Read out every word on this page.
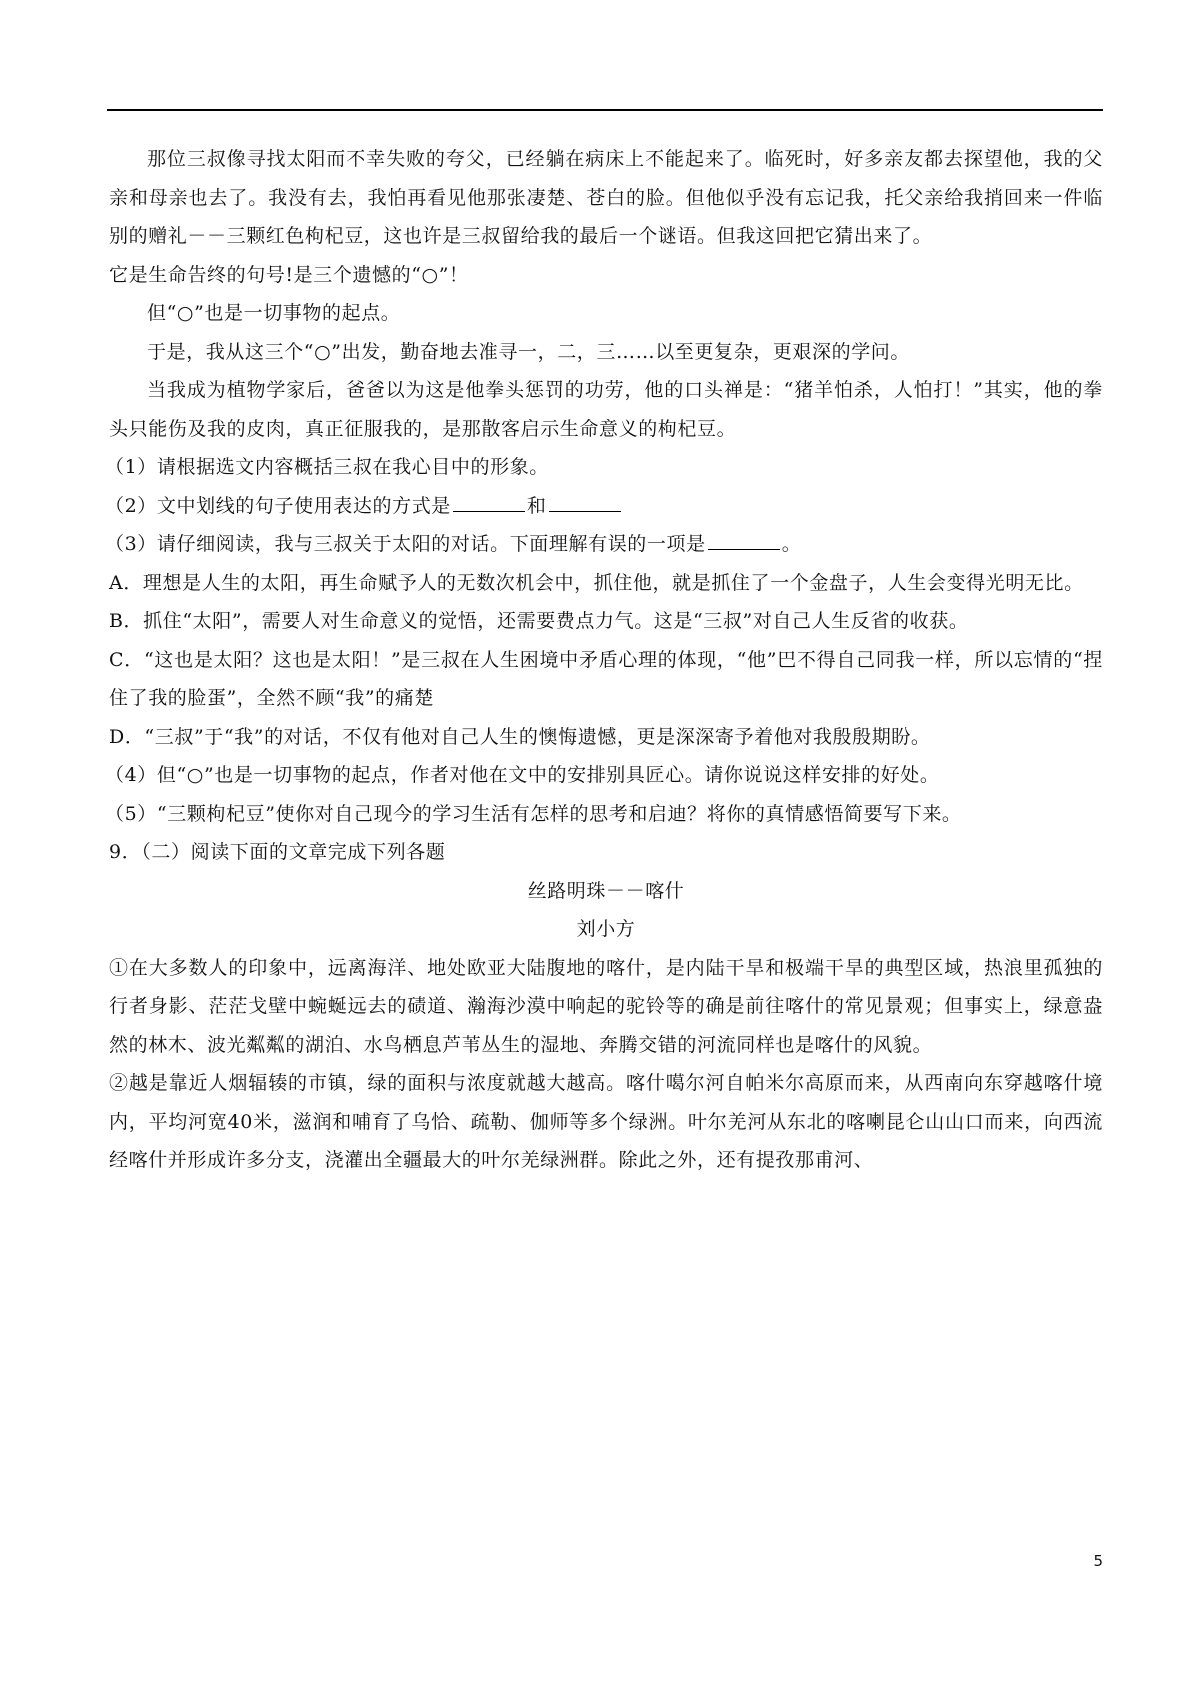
那位三叔像寻找太阳而不幸失败的夸父，已经躺在病床上不能起来了。临死时，好多亲友都去探望他，我的父亲和母亲也去了。我没有去，我怕再看见他那张凄楚、苍白的脸。但他似乎没有忘记我，托父亲给我捎回来一件临别的赠礼－－三颗红色枸杞豆，这也许是三叔留给我的最后一个谜语。但我这回把它猜出来了。

它是生命告终的句号!是三个遗憾的“○”！

但“○”也是一切事物的起点。

于是，我从这三个“○”出发，勤奋地去准寻一，二，三……以至更复杂，更艰深的学问。

当我成为植物学家后，爸爸以为这是他拳头惩罚的功劳，他的口头禅是：“猪羊怕杀，人怕打！”其实，他的拳头只能伤及我的皮肉，真正征服我的，是那散客启示生命意义的枸杞豆。

（1）请根据选文内容概括三叔在我心目中的形象。

（2）文中划线的句子使用表达的方式是	和

（3）请仔细阅读，我与三叔关于太阳的对话。下面理解有误的一项是	。

A．理想是人生的太阳，再生命赋予人的无数次机会中，抓住他，就是抓住了一个金盘子，人生会变得光明无比。

B．抓住“太阳”，需要人对生命意义的觉悟，还需要费点力气。这是“三叔”对自己人生反省的收获。

C．“这也是太阳？这也是太阳！”是三叔在人生困境中矛盾心理的体现，“他”巴不得自己同我一样，所以忘情的“捏住了我的脸蛋”，全然不顾“我”的痛楚

D．“三叔”于“我”的对话，不仅有他对自己人生的懊悔遗憾，更是深深寄予着他对我殷殷期盼。

（4）但“○”也是一切事物的起点，作者对他在文中的安排别具匠心。请你说说这样安排的好处。

（5）“三颗枸杞豆”使你对自己现今的学习生活有怎样的思考和启迪？将你的真情感悟简要写下来。

9．（二）阅读下面的文章完成下列各题

丝路明珠－－喀什

刘小方

①在大多数人的印象中，远离海洋、地处欧亚大陆腹地的喀什，是内陆干旱和极端干旱的典型区域，热浪里孤独的行者身影、茫茫戈壁中蜿蜒远去的碛道、瀚海沙漠中响起的驼铃等的确是前往喀什的常见景观；但事实上，绿意盎然的林木、波光粼粼的湖泊、水鸟栖息芦苇丛生的湿地、奔腾交错的河流同样也是喀什的风貌。

②越是靠近人烟辐辏的市镇，绿的面积与浓度就越大越高。喀什噶尔河自帕米尔高原而来，从西南向东穿越喀什境内，平均河宽40米，滋润和哺育了乌恰、疏勒、伽师等多个绿洲。叶尔羌河从东北的喀喇昆仑山山口而来，向西流经喀什并形成许多分支，浇灌出全疆最大的叶尔羌绿洲群。除此之外，还有提孜那甫河、

5
